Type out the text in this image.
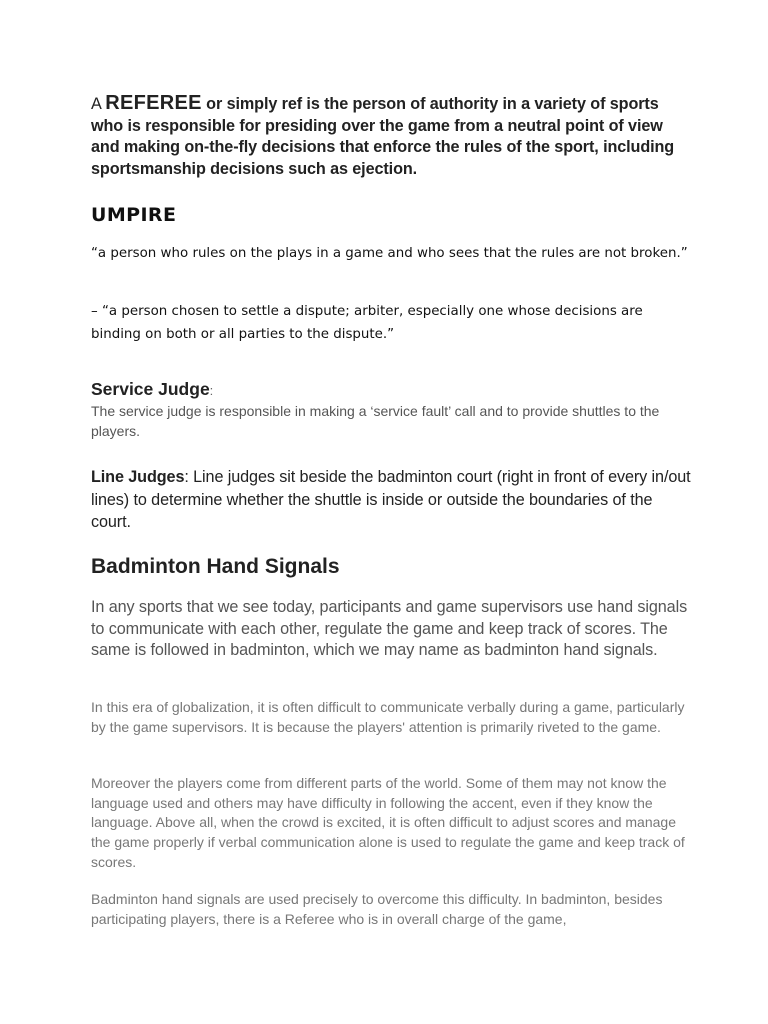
A REFEREE or simply ref is the person of authority in a variety of sports who is responsible for presiding over the game from a neutral point of view and making on-the-fly decisions that enforce the rules of the sport, including sportsmanship decisions such as ejection.

UMPIRE

“a person who rules on the plays in a game and who sees that the rules are not broken.”

– “a person chosen to settle a dispute; arbiter, especially one whose decisions are binding on both or all parties to the dispute.”

Service Judge:

The service judge is responsible in making a ‘service fault’ call and to provide shuttles to the players.

Line Judges: Line judges sit beside the badminton court (right in front of every in/out lines) to determine whether the shuttle is inside or outside the boundaries of the court.

Badminton Hand Signals

In any sports that we see today, participants and game supervisors use hand signals to communicate with each other, regulate the game and keep track of scores. The same is followed in badminton, which we may name as badminton hand signals.

In this era of globalization, it is often difficult to communicate verbally during a game, particularly by the game supervisors. It is because the players' attention is primarily riveted to the game.

Moreover the players come from different parts of the world. Some of them may not know the language used and others may have difficulty in following the accent, even if they know the language. Above all, when the crowd is excited, it is often difficult to adjust scores and manage the game properly if verbal communication alone is used to regulate the game and keep track of scores.

Badminton hand signals are used precisely to overcome this difficulty. In badminton, besides participating players, there is a Referee who is in overall charge of the game,
